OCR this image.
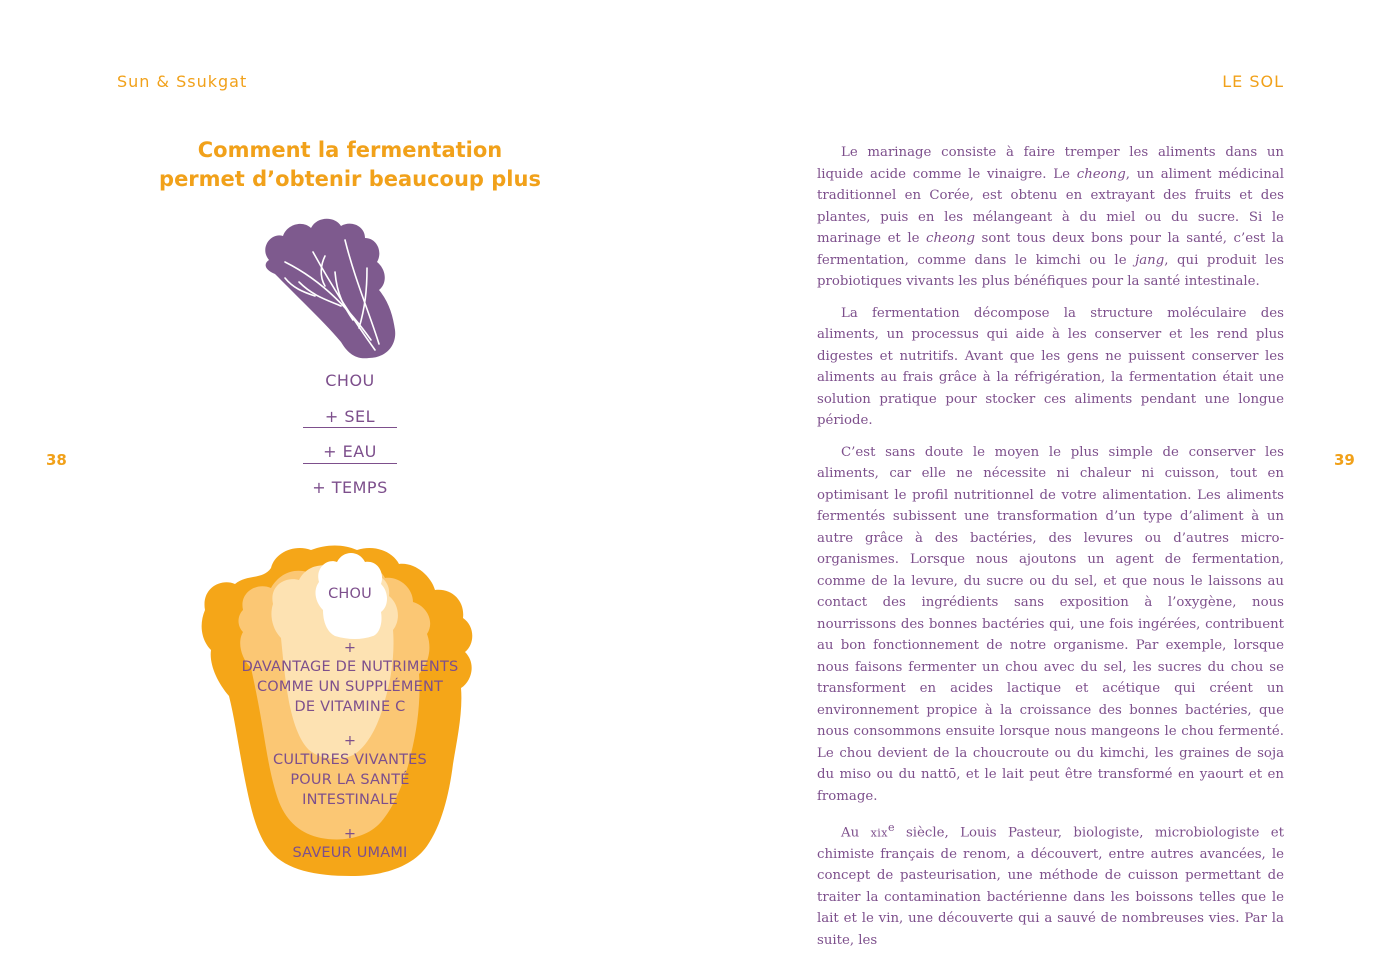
Sun & Ssukgat	LE SOL
38	39
Comment la fermentation
permet d’obtenir beaucoup plus
CHOU
+ SEL
+ EAU
+ TEMPS
CHOU
+
DAVANTAGE DE NUTRIMENTS
COMME UN SUPPLÉMENT
DE VITAMINE C
+
CULTURES VIVANTES
POUR LA SANTÉ
INTESTINALE
+
SAVEUR UMAMI

Le marinage consiste à faire tremper les aliments dans un liquide acide comme le vinaigre. Le cheong, un aliment médicinal traditionnel en Corée, est obtenu en extrayant des fruits et des plantes, puis en les mélangeant à du miel ou du sucre. Si le marinage et le cheong sont tous deux bons pour la santé, c’est la fermentation, comme dans le kimchi ou le jang, qui produit les probiotiques vivants les plus bénéfiques pour la santé intestinale.

La fermentation décompose la structure moléculaire des aliments, un processus qui aide à les conserver et les rend plus digestes et nutritifs. Avant que les gens ne puissent conserver les aliments au frais grâce à la réfrigération, la fermentation était une solution pratique pour stocker ces aliments pendant une longue période.

C’est sans doute le moyen le plus simple de conserver les aliments, car elle ne nécessite ni chaleur ni cuisson, tout en optimisant le profil nutritionnel de votre alimentation. Les aliments fermentés subissent une transformation d’un type d’aliment à un autre grâce à des bactéries, des levures ou d’autres micro-organismes. Lorsque nous ajoutons un agent de fermentation, comme de la levure, du sucre ou du sel, et que nous le laissons au contact des ingrédients sans exposition à l’oxygène, nous nourrissons des bonnes bactéries qui, une fois ingérées, contribuent au bon fonctionnement de notre organisme. Par exemple, lorsque nous faisons fermenter un chou avec du sel, les sucres du chou se transforment en acides lactique et acétique qui créent un environnement propice à la croissance des bonnes bactéries, que nous consommons ensuite lorsque nous mangeons le chou fermenté. Le chou devient de la choucroute ou du kimchi, les graines de soja du miso ou du nattō, et le lait peut être transformé en yaourt et en fromage.

Au xix$^e$ siècle, Louis Pasteur, biologiste, microbiologiste et chimiste français de renom, a découvert, entre autres avancées, le concept de pasteurisation, une méthode de cuisson permettant de traiter la contamination bactérienne dans les boissons telles que le lait et le vin, une découverte qui a sauvé de nombreuses vies. Par la suite, les
